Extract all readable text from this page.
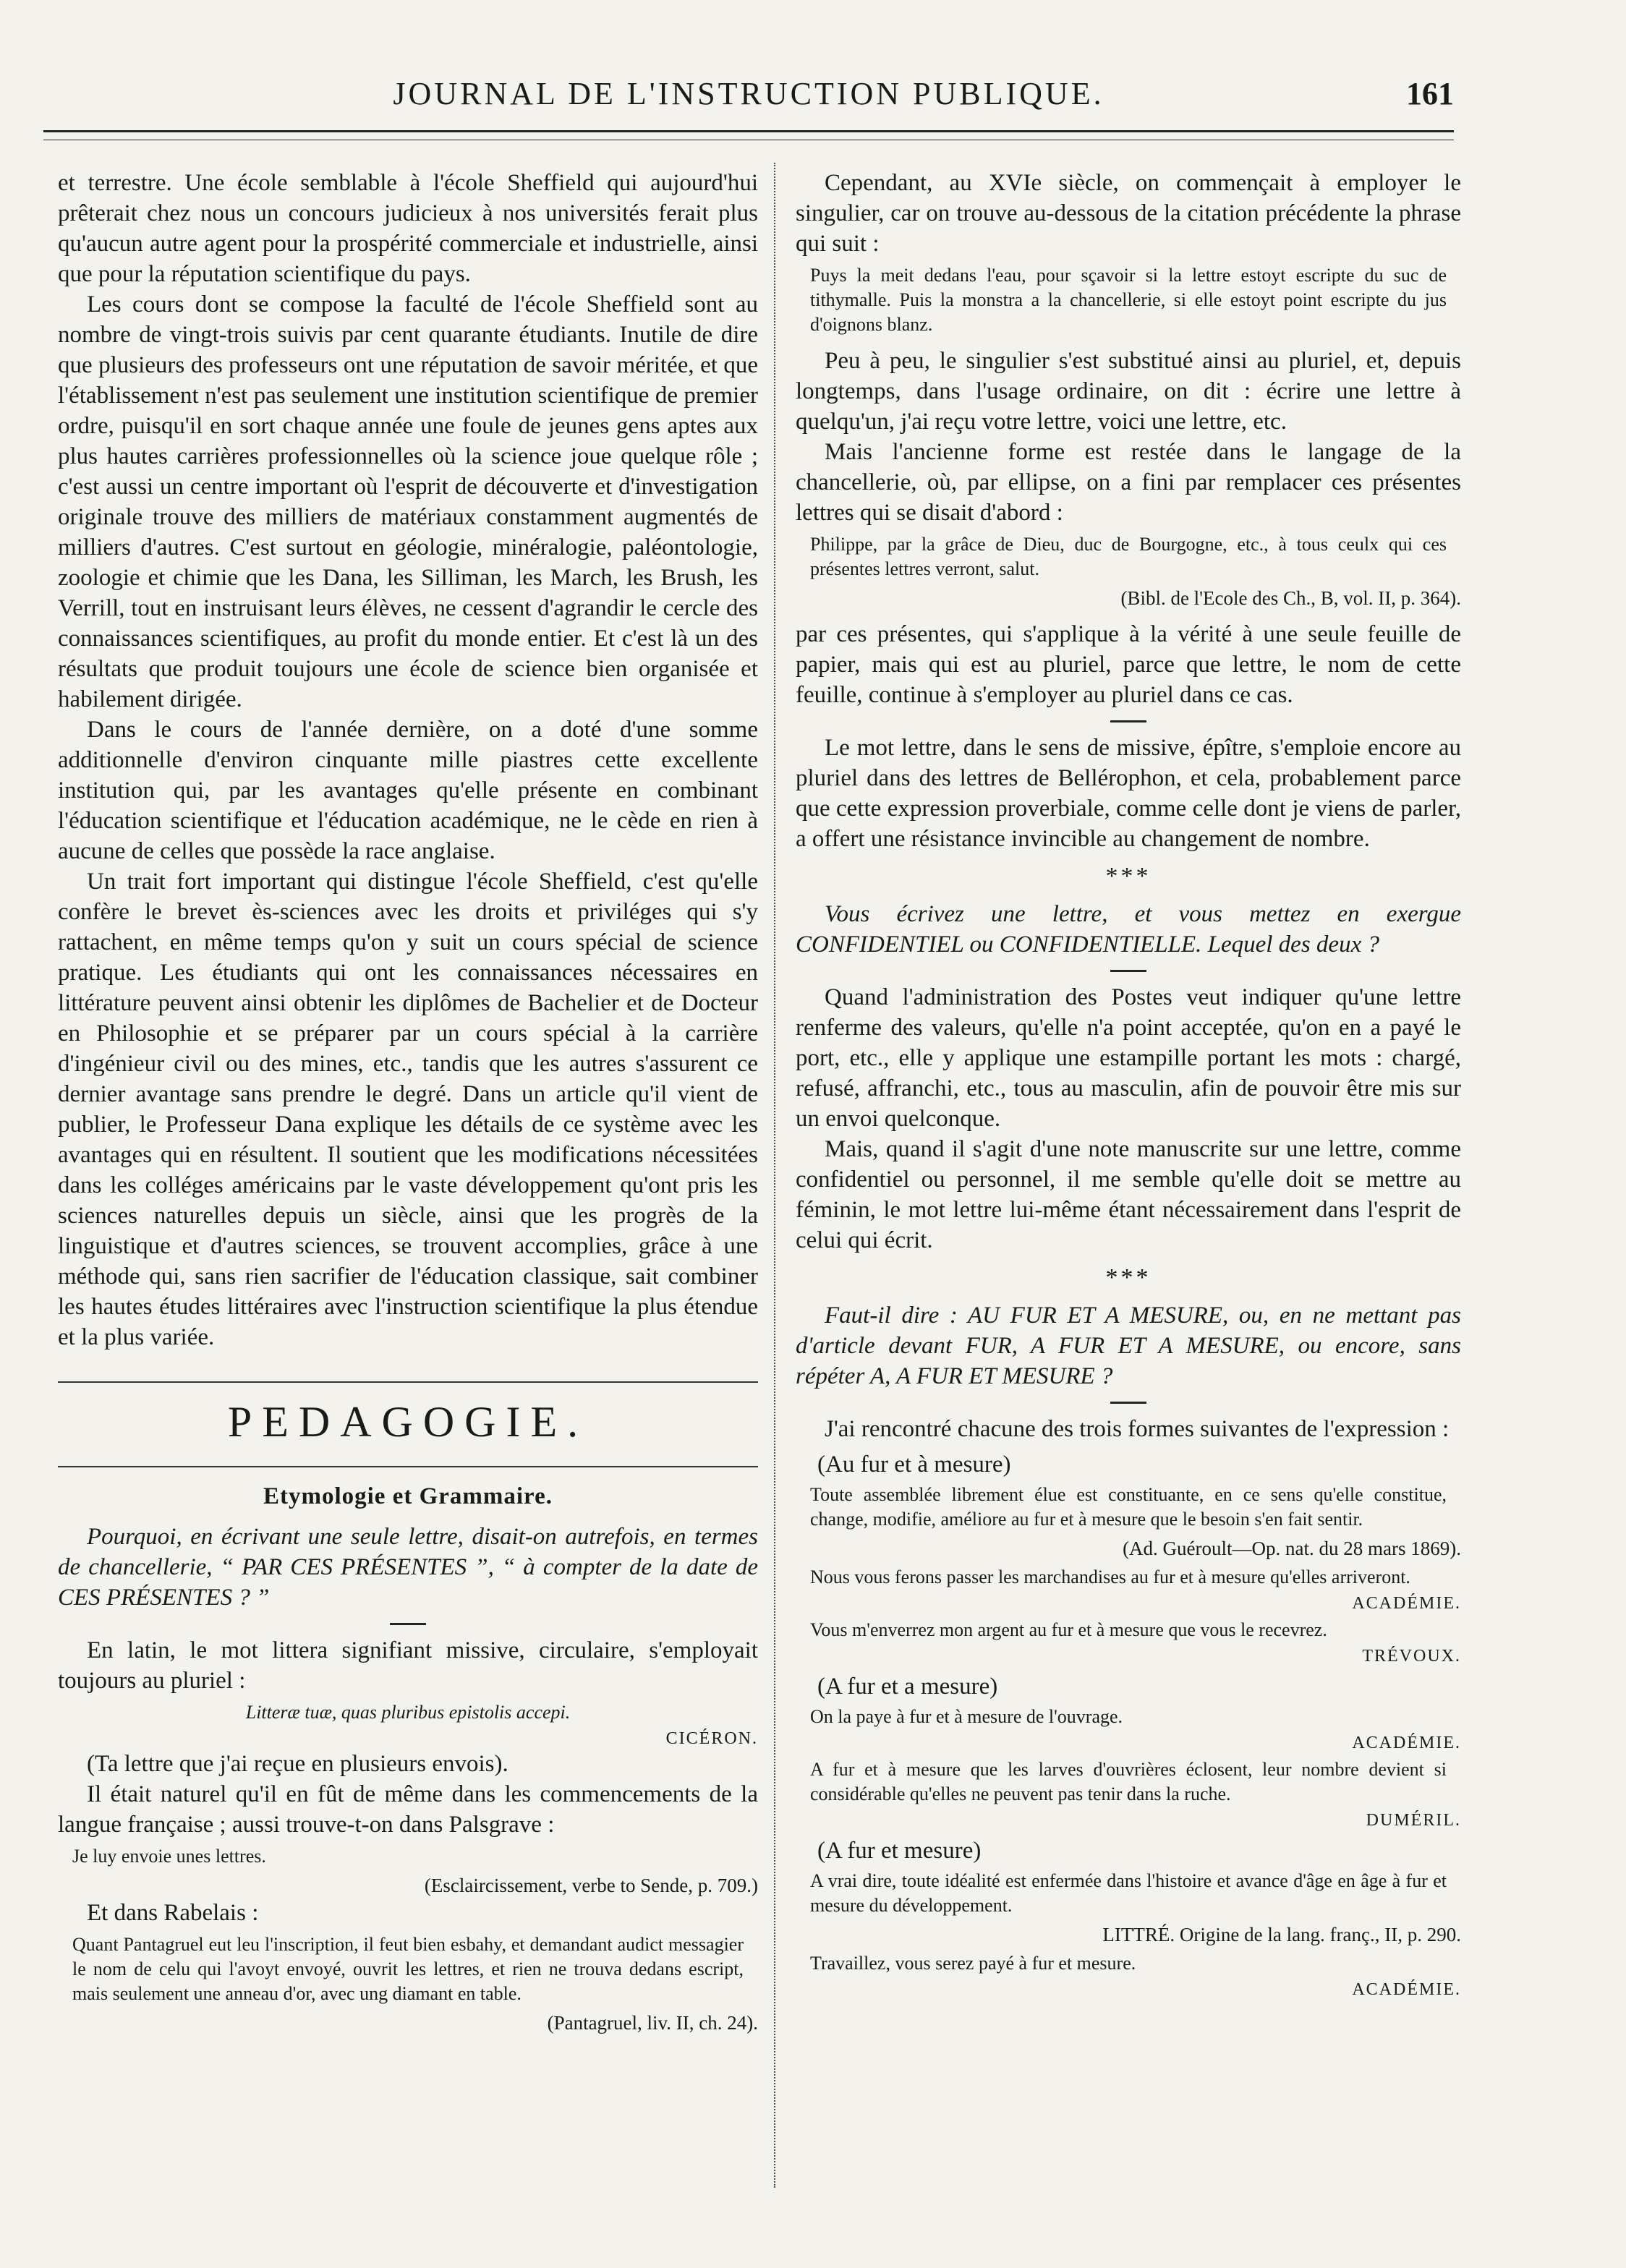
JOURNAL DE L'INSTRUCTION PUBLIQUE.	161

et terrestre. Une école semblable à l'école Sheffield qui aujourd'hui prêterait chez nous un concours judicieux à nos universités ferait plus qu'aucun autre agent pour la prospérité commerciale et industrielle, ainsi que pour la réputation scientifique du pays.

Les cours dont se compose la faculté de l'école Sheffield sont au nombre de vingt-trois suivis par cent quarante étudiants. Inutile de dire que plusieurs des professeurs ont une réputation de savoir méritée, et que l'établissement n'est pas seulement une institution scientifique de premier ordre, puisqu'il en sort chaque année une foule de jeunes gens aptes aux plus hautes carrières professionnelles où la science joue quelque rôle ; c'est aussi un centre important où l'esprit de découverte et d'investigation originale trouve des milliers de matériaux constamment augmentés de milliers d'autres. C'est surtout en géologie, minéralogie, paléontologie, zoologie et chimie que les Dana, les Silliman, les March, les Brush, les Verrill, tout en instruisant leurs élèves, ne cessent d'agrandir le cercle des connaissances scientifiques, au profit du monde entier. Et c'est là un des résultats que produit toujours une école de science bien organisée et habilement dirigée.

Dans le cours de l'année dernière, on a doté d'une somme additionnelle d'environ cinquante mille piastres cette excellente institution qui, par les avantages qu'elle présente en combinant l'éducation scientifique et l'éducation académique, ne le cède en rien à aucune de celles que possède la race anglaise.

Un trait fort important qui distingue l'école Sheffield, c'est qu'elle confère le brevet ès-sciences avec les droits et priviléges qui s'y rattachent, en même temps qu'on y suit un cours spécial de science pratique. Les étudiants qui ont les connaissances nécessaires en littérature peuvent ainsi obtenir les diplômes de Bachelier et de Docteur en Philosophie et se préparer par un cours spécial à la carrière d'ingénieur civil ou des mines, etc., tandis que les autres s'assurent ce dernier avantage sans prendre le degré. Dans un article qu'il vient de publier, le Professeur Dana explique les détails de ce système avec les avantages qui en résultent. Il soutient que les modifications nécessitées dans les colléges américains par le vaste développement qu'ont pris les sciences naturelles depuis un siècle, ainsi que les progrès de la linguistique et d'autres sciences, se trouvent accomplies, grâce à une méthode qui, sans rien sacrifier de l'éducation classique, sait combiner les hautes études littéraires avec l'instruction scientifique la plus étendue et la plus variée.

PEDAGOGIE.
Etymologie et Grammaire.

Pourquoi, en écrivant une seule lettre, disait-on autrefois, en termes de chancellerie, “ PAR CES PRÉSENTES ”, “ à compter de la date de CES PRÉSENTES ? ”

En latin, le mot littera signifiant missive, circulaire, s'employait toujours au pluriel :

Litteræ tuæ, quas pluribus epistolis accepi.
CICÉRON.

(Ta lettre que j'ai reçue en plusieurs envois).

Il était naturel qu'il en fût de même dans les commencements de la langue française ; aussi trouve-t-on dans Palsgrave :

Je luy envoie unes lettres.
(Esclaircissement, verbe to Sende, p. 709.)

Et dans Rabelais :

Quant Pantagruel eut leu l'inscription, il feut bien esbahy, et demandant audict messagier le nom de celu qui l'avoyt envoyé, ouvrit les lettres, et rien ne trouva dedans escript, mais seulement une anneau d'or, avec ung diamant en table.
(Pantagruel, liv. II, ch. 24).

Cependant, au XVIe siècle, on commençait à employer le singulier, car on trouve au-dessous de la citation précédente la phrase qui suit :

Puys la meit dedans l'eau, pour sçavoir si la lettre estoyt escripte du suc de tithymalle. Puis la monstra a la chancellerie, si elle estoyt point escripte du jus d'oignons blanz.

Peu à peu, le singulier s'est substitué ainsi au pluriel, et, depuis longtemps, dans l'usage ordinaire, on dit : écrire une lettre à quelqu'un, j'ai reçu votre lettre, voici une lettre, etc.

Mais l'ancienne forme est restée dans le langage de la chancellerie, où, par ellipse, on a fini par remplacer ces présentes lettres qui se disait d'abord :

Philippe, par la grâce de Dieu, duc de Bourgogne, etc., à tous ceulx qui ces présentes lettres verront, salut.
(Bibl. de l'Ecole des Ch., B, vol. II, p. 364).

par ces présentes, qui s'applique à la vérité à une seule feuille de papier, mais qui est au pluriel, parce que lettre, le nom de cette feuille, continue à s'employer au pluriel dans ce cas.

Le mot lettre, dans le sens de missive, épître, s'emploie encore au pluriel dans des lettres de Bellérophon, et cela, probablement parce que cette expression proverbiale, comme celle dont je viens de parler, a offert une résistance invincible au changement de nombre.

***

Vous écrivez une lettre, et vous mettez en exergue CONFIDENTIEL ou CONFIDENTIELLE. Lequel des deux ?

Quand l'administration des Postes veut indiquer qu'une lettre renferme des valeurs, qu'elle n'a point acceptée, qu'on en a payé le port, etc., elle y applique une estampille portant les mots : chargé, refusé, affranchi, etc., tous au masculin, afin de pouvoir être mis sur un envoi quelconque.

Mais, quand il s'agit d'une note manuscrite sur une lettre, comme confidentiel ou personnel, il me semble qu'elle doit se mettre au féminin, le mot lettre lui-même étant nécessairement dans l'esprit de celui qui écrit.

***

Faut-il dire : AU FUR ET A MESURE, ou, en ne mettant pas d'article devant FUR, A FUR ET A MESURE, ou encore, sans répéter A, A FUR ET MESURE ?

J'ai rencontré chacune des trois formes suivantes de l'expression :

(Au fur et à mesure)
Toute assemblée librement élue est constituante, en ce sens qu'elle constitue, change, modifie, améliore au fur et à mesure que le besoin s'en fait sentir.
(Ad. Guéroult—Op. nat. du 28 mars 1869).
Nous vous ferons passer les marchandises au fur et à mesure qu'elles arriveront.
ACADÉMIE.
Vous m'enverrez mon argent au fur et à mesure que vous le recevrez.
TRÉVOUX.
(A fur et a mesure)
On la paye à fur et à mesure de l'ouvrage.
ACADÉMIE.
A fur et à mesure que les larves d'ouvrières éclosent, leur nombre devient si considérable qu'elles ne peuvent pas tenir dans la ruche.
DUMÉRIL.
(A fur et mesure)
A vrai dire, toute idéalité est enfermée dans l'histoire et avance d'âge en âge à fur et mesure du développement.
LITTRÉ. Origine de la lang. franç., II, p. 290.
Travaillez, vous serez payé à fur et mesure.
ACADÉMIE.
